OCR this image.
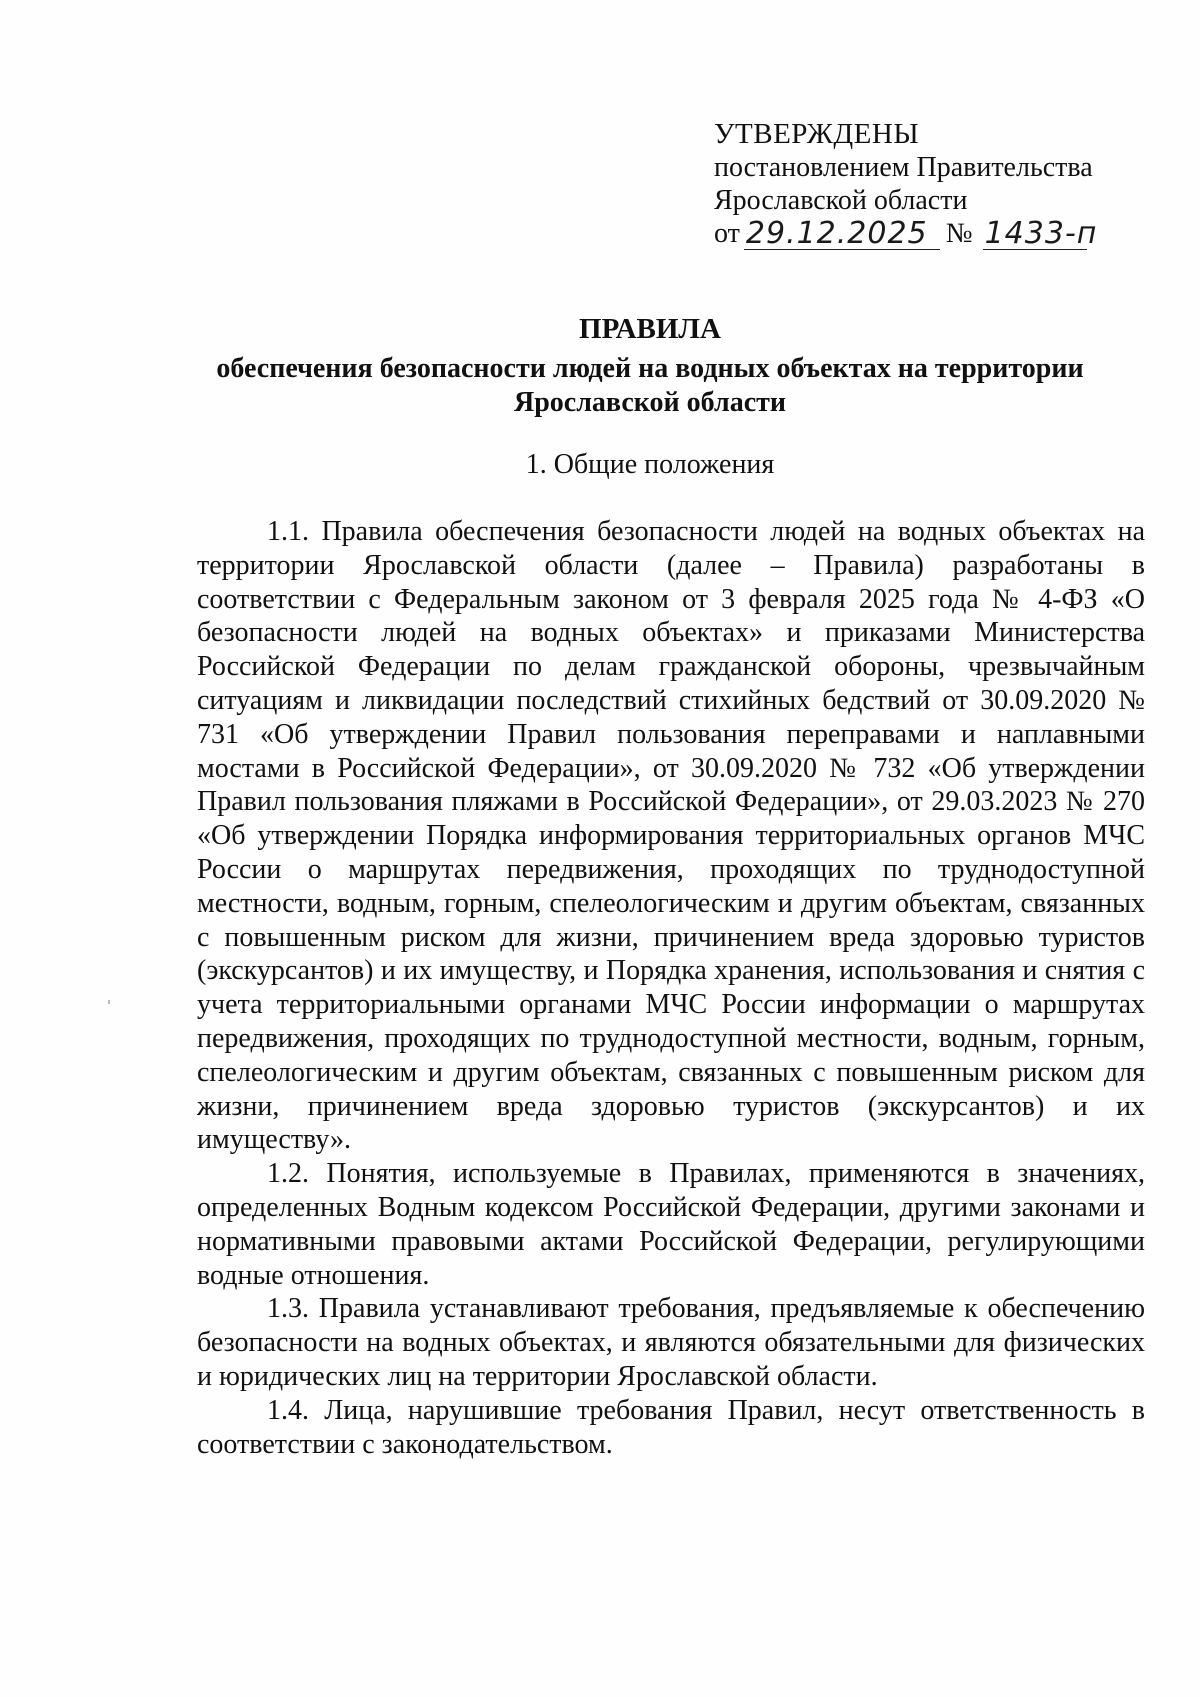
УТВЕРЖДЕНЫ
постановлением Правительства
Ярославской области
от 29.12.2025 № 1433-п
ПРАВИЛА
обеспечения безопасности людей на водных объектах на территории Ярославской области
1. Общие положения

1.1. Правила обеспечения безопасности людей на водных объектах на территории Ярославской области (далее – Правила) разработаны в соответствии с Федеральным законом от 3 февраля 2025 года № 4-ФЗ «О безопасности людей на водных объектах» и приказами Министерства Российской Федерации по делам гражданской обороны, чрезвычайным ситуациям и ликвидации последствий стихийных бедствий от 30.09.2020 № 731 «Об утверждении Правил пользования переправами и наплавными мостами в Российской Федерации», от 30.09.2020 № 732 «Об утверждении Правил пользования пляжами в Российской Федерации», от 29.03.2023 № 270 «Об утверждении Порядка информирования территориальных органов МЧС России о маршрутах передвижения, проходящих по труднодоступной местности, водным, горным, спелеологическим и другим объектам, связанных с повышенным риском для жизни, причинением вреда здоровью туристов (экскурсантов) и их имуществу, и Порядка хранения, использования и снятия с учета территориальными органами МЧС России информации о маршрутах передвижения, проходящих по труднодоступной местности, водным, горным, спелеологическим и другим объектам, связанных с повышенным риском для жизни, причинением вреда здоровью туристов (экскурсантов) и их имуществу».

1.2. Понятия, используемые в Правилах, применяются в значениях, определенных Водным кодексом Российской Федерации, другими законами и нормативными правовыми актами Российской Федерации, регулирующими водные отношения.

1.3. Правила устанавливают требования, предъявляемые к обеспечению безопасности на водных объектах, и являются обязательными для физических и юридических лиц на территории Ярославской области.

1.4. Лица, нарушившие требования Правил, несут ответственность в соответствии с законодательством.
